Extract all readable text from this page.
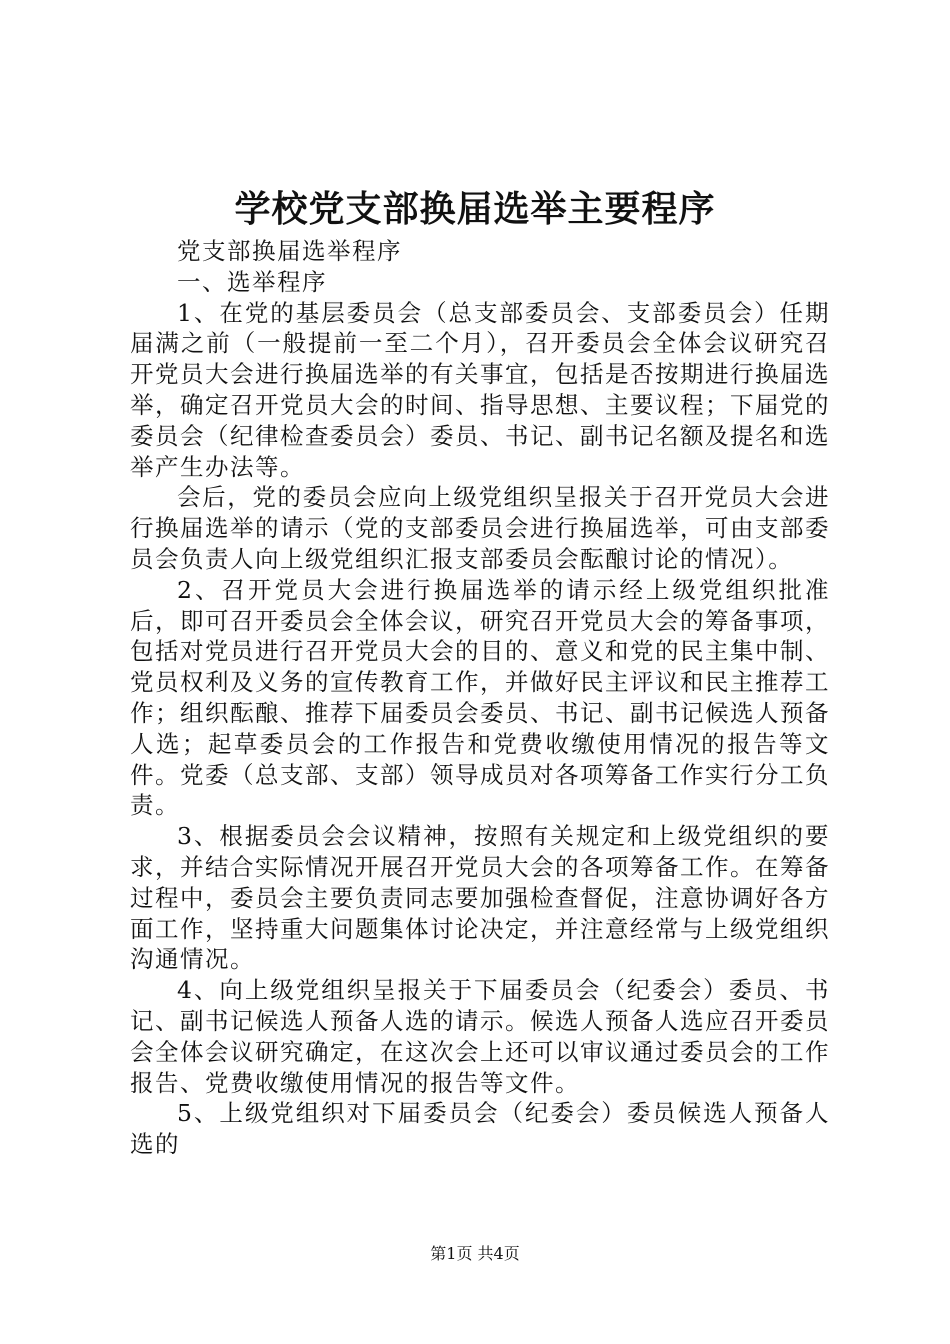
学校党支部换届选举主要程序

党支部换届选举程序

一、选举程序

1、在党的基层委员会（总支部委员会、支部委员会）任期届满之前（一般提前一至二个月），召开委员会全体会议研究召开党员大会进行换届选举的有关事宜，包括是否按期进行换届选举，确定召开党员大会的时间、指导思想、主要议程；下届党的委员会（纪律检查委员会）委员、书记、副书记名额及提名和选举产生办法等。

会后，党的委员会应向上级党组织呈报关于召开党员大会进行换届选举的请示（党的支部委员会进行换届选举，可由支部委员会负责人向上级党组织汇报支部委员会酝酿讨论的情况）。

2、召开党员大会进行换届选举的请示经上级党组织批准后，即可召开委员会全体会议，研究召开党员大会的筹备事项，包括对党员进行召开党员大会的目的、意义和党的民主集中制、党员权利及义务的宣传教育工作，并做好民主评议和民主推荐工作；组织酝酿、推荐下届委员会委员、书记、副书记候选人预备人选；起草委员会的工作报告和党费收缴使用情况的报告等文件。党委（总支部、支部）领导成员对各项筹备工作实行分工负责。

3、根据委员会会议精神，按照有关规定和上级党组织的要求，并结合实际情况开展召开党员大会的各项筹备工作。在筹备过程中，委员会主要负责同志要加强检查督促，注意协调好各方面工作，坚持重大问题集体讨论决定，并注意经常与上级党组织沟通情况。

4、向上级党组织呈报关于下届委员会（纪委会）委员、书记、副书记候选人预备人选的请示。候选人预备人选应召开委员会全体会议研究确定，在这次会上还可以审议通过委员会的工作报告、党费收缴使用情况的报告等文件。

5、上级党组织对下届委员会（纪委会）委员候选人预备人选的

第1页 共4页
